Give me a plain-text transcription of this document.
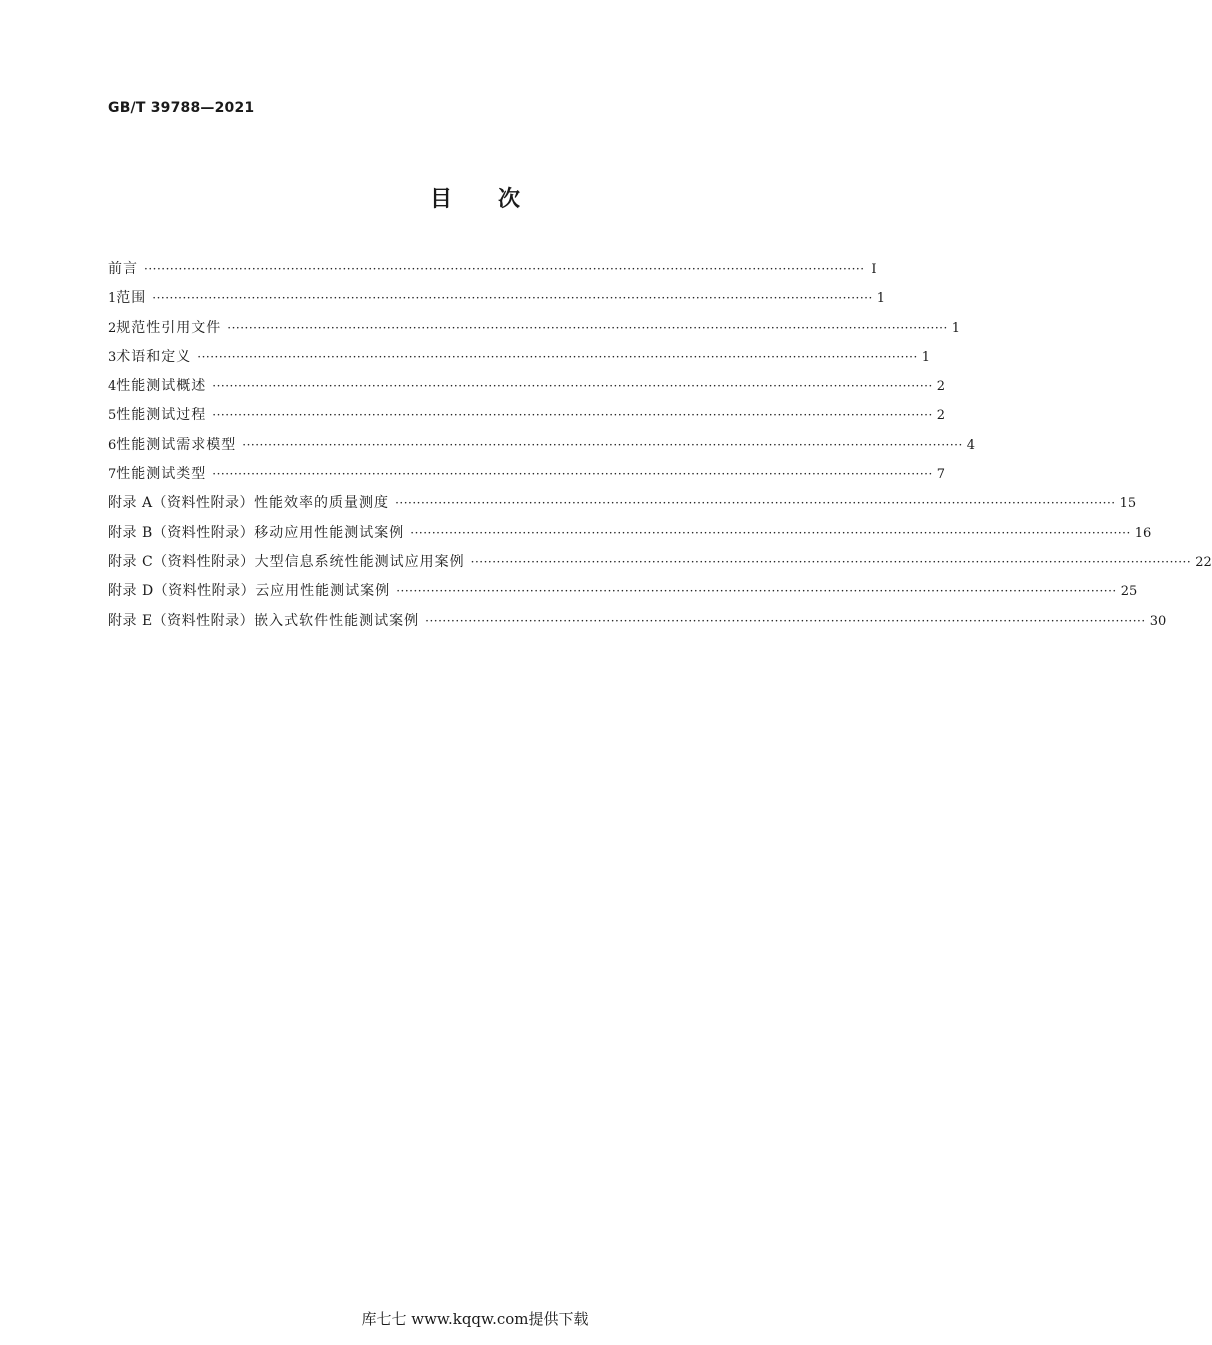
GB/T 39788—2021
目 次
前言 ······································································································································································· Ⅰ
1 范围 ······································································································································································· 1
2 规范性引用文件 ······································································································································································· 1
3 术语和定义 ······································································································································································· 1
4 性能测试概述 ······································································································································································· 2
5 性能测试过程 ······································································································································································· 2
6 性能测试需求模型 ······································································································································································· 4
7 性能测试类型 ······································································································································································· 7
附录 A（资料性附录） 性能效率的质量测度 ······································································································································································· 15
附录 B（资料性附录） 移动应用性能测试案例 ······································································································································································· 16
附录 C（资料性附录） 大型信息系统性能测试应用案例 ······································································································································································· 22
附录 D（资料性附录） 云应用性能测试案例 ······································································································································································· 25
附录 E（资料性附录） 嵌入式软件性能测试案例 ······································································································································································· 30
库七七 www.kqqw.com提供下载
